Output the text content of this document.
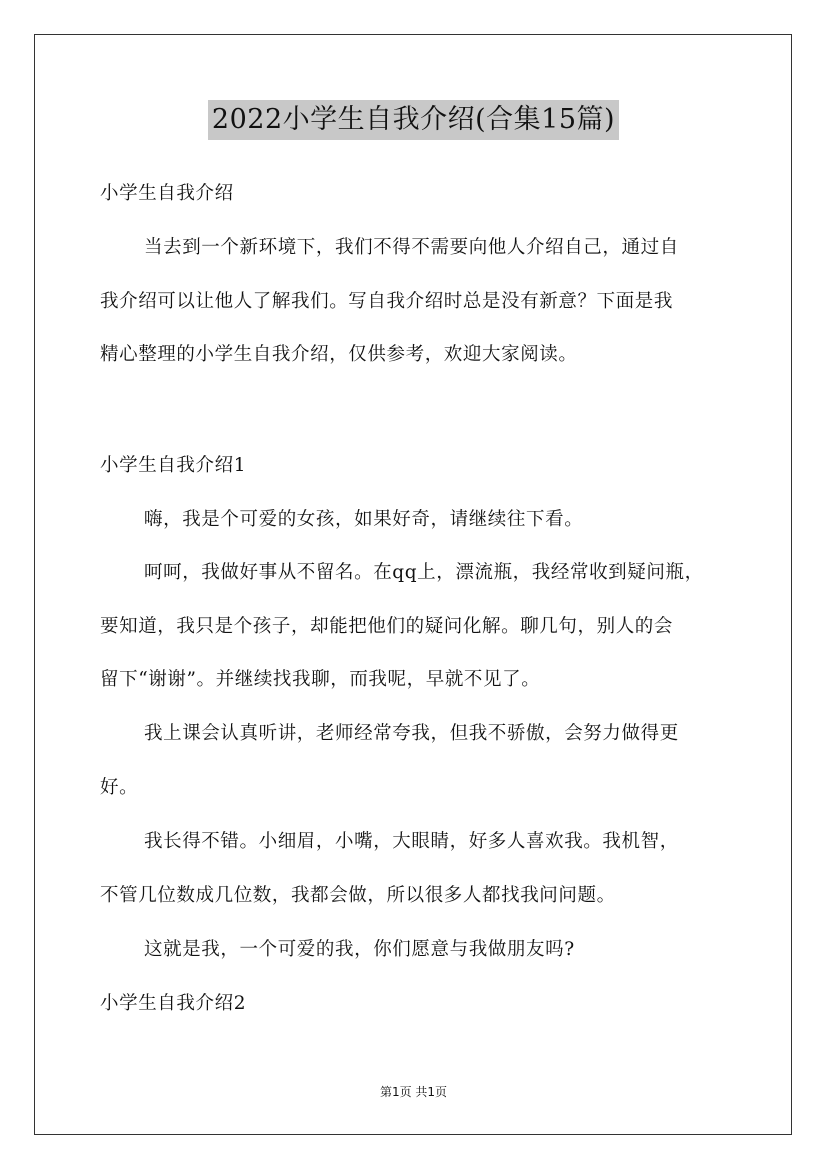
2022小学生自我介绍(合集15篇)
小学生自我介绍
当去到一个新环境下，我们不得不需要向他人介绍自己，通过自
我介绍可以让他人了解我们。写自我介绍时总是没有新意？下面是我
精心整理的小学生自我介绍，仅供参考，欢迎大家阅读。
小学生自我介绍1
嗨，我是个可爱的女孩，如果好奇，请继续往下看。
呵呵，我做好事从不留名。在qq上，漂流瓶，我经常收到疑问瓶，
要知道，我只是个孩子，却能把他们的疑问化解。聊几句，别人的会
留下“谢谢”。并继续找我聊，而我呢，早就不见了。
我上课会认真听讲，老师经常夸我，但我不骄傲，会努力做得更
好。
我长得不错。小细眉，小嘴，大眼睛，好多人喜欢我。我机智，
不管几位数成几位数，我都会做，所以很多人都找我问问题。
这就是我，一个可爱的我，你们愿意与我做朋友吗?
小学生自我介绍2
第1页 共1页
